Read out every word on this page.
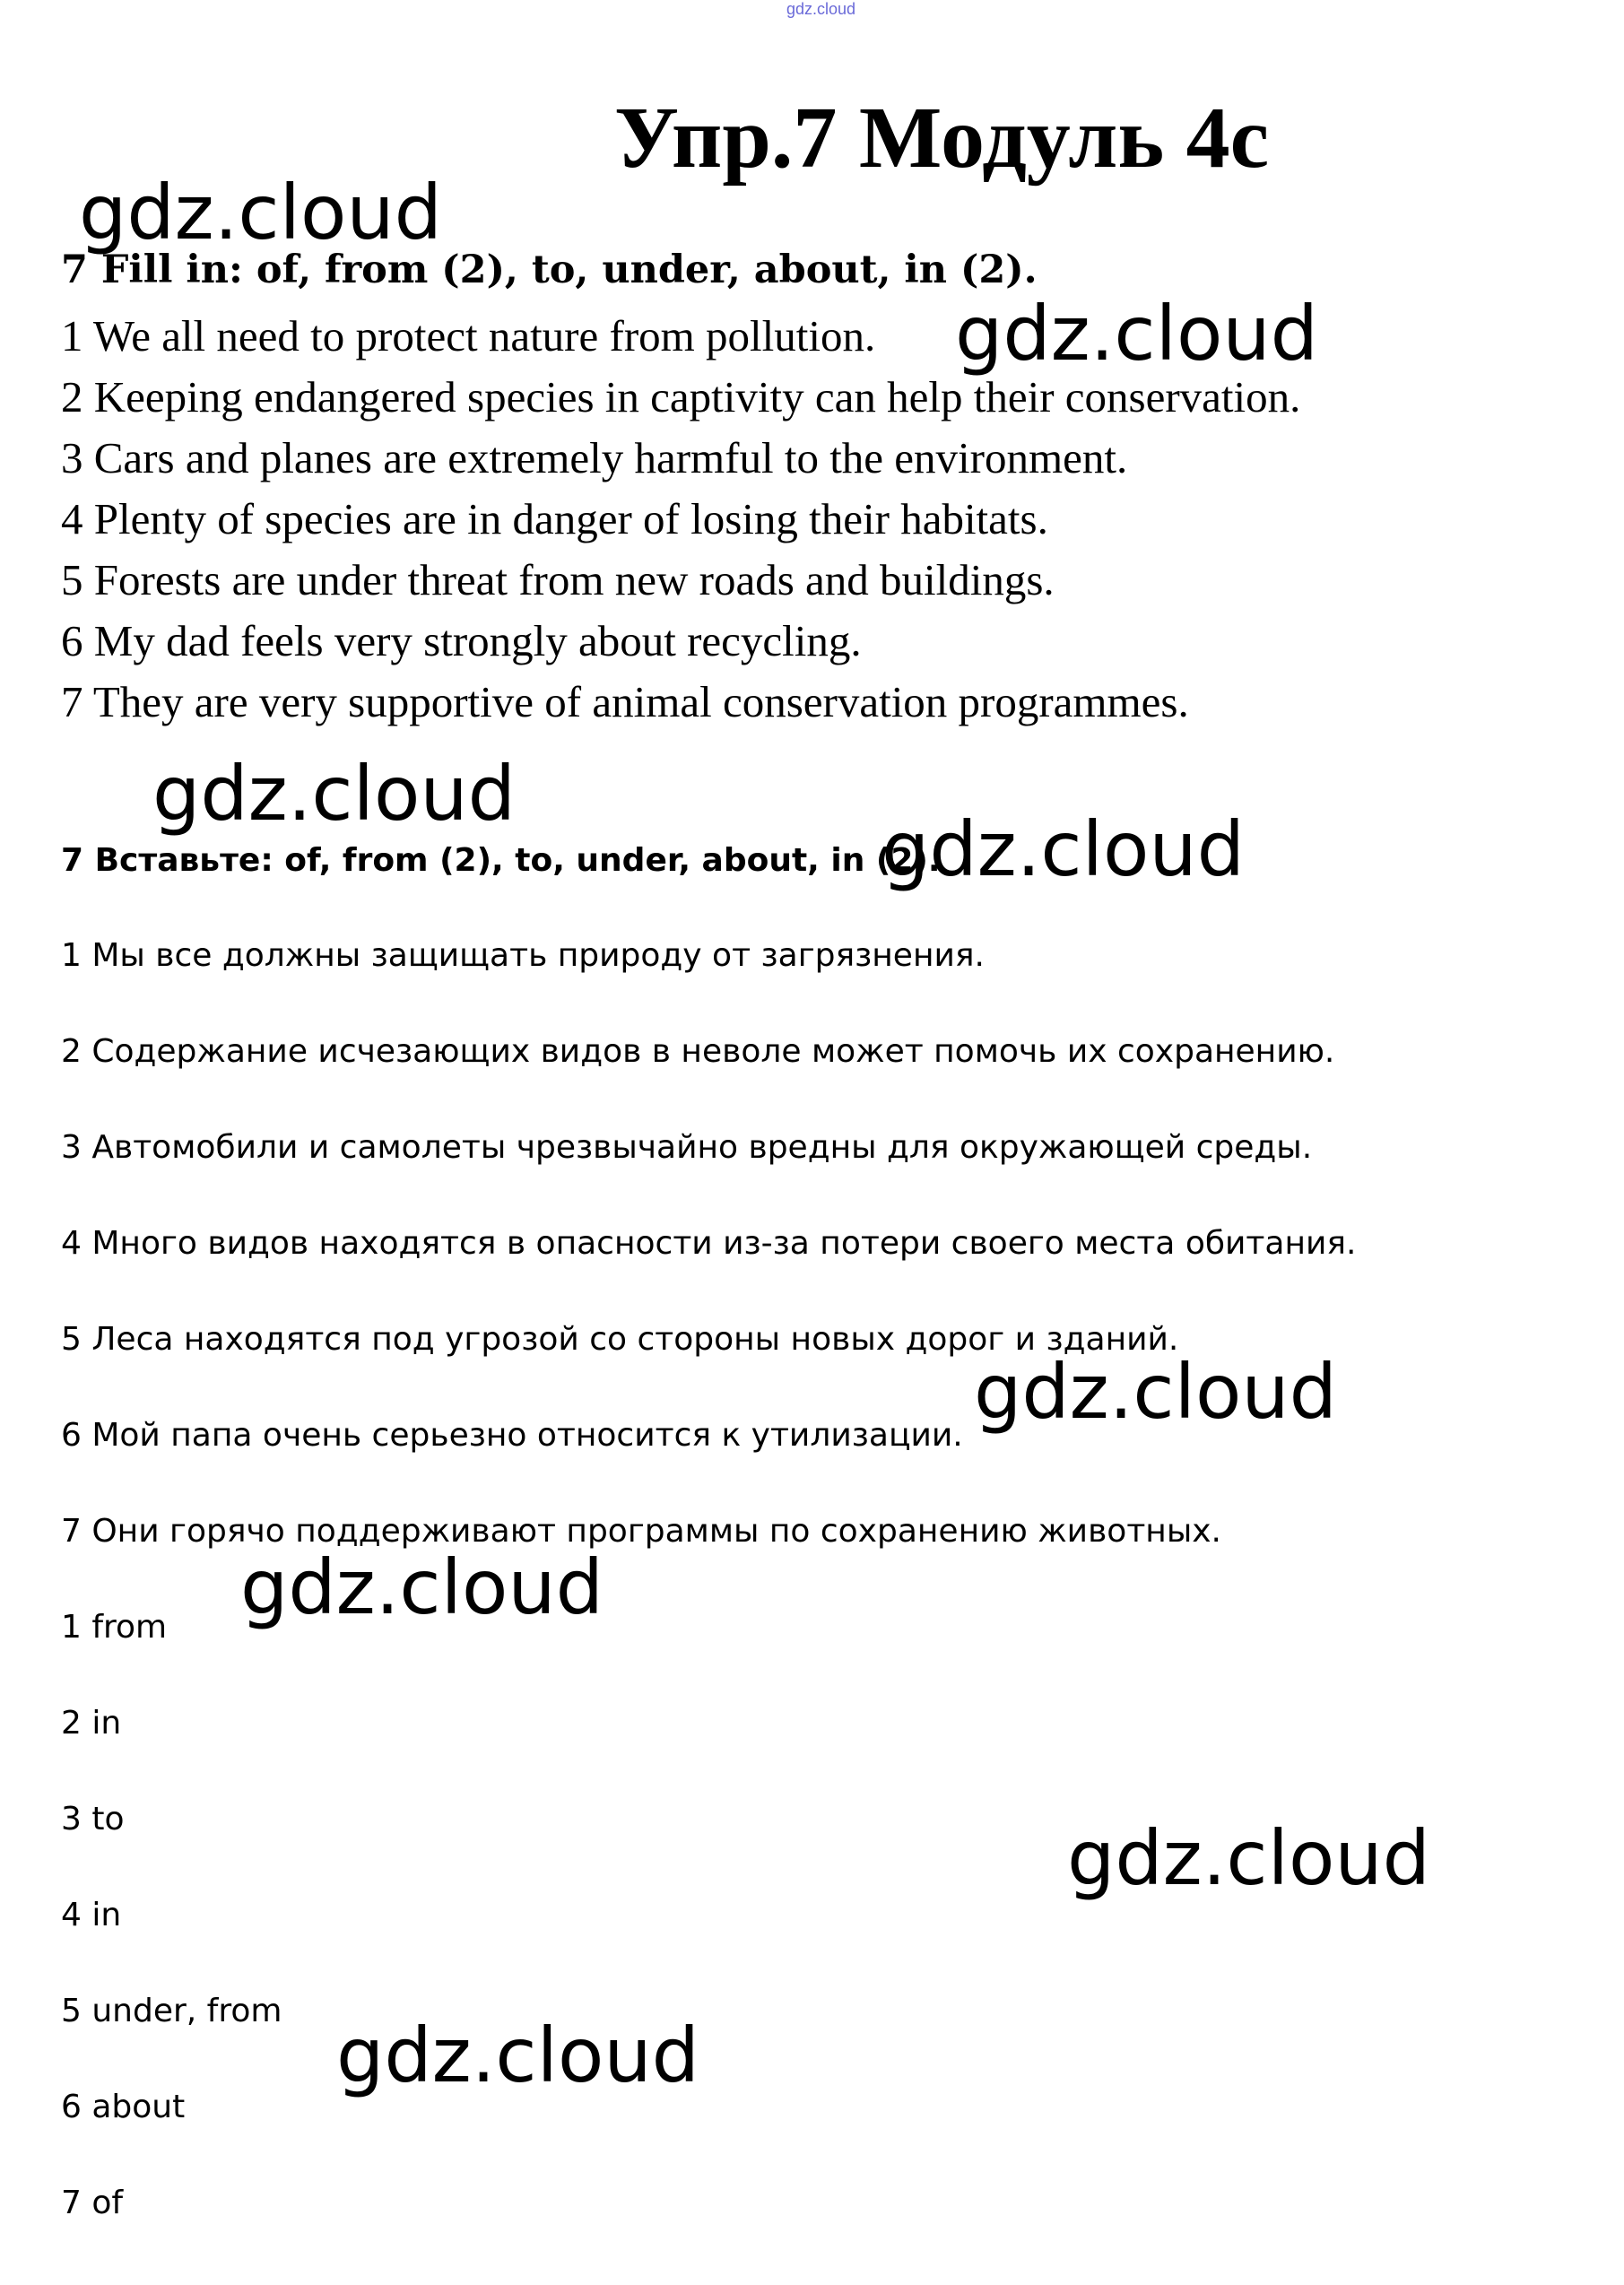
gdz.cloud
Упр.7 Модуль 4c
gdz.cloud
gdz.cloud
gdz.cloud
gdz.cloud
gdz.cloud
gdz.cloud
gdz.cloud
gdz.cloud
7 Fill in: of, from (2), to, under, about, in (2).
1 We all need to protect nature from pollution.
2 Keeping endangered species in captivity can help their conservation.
3 Cars and planes are extremely harmful to the environment.
4 Plenty of species are in danger of losing their habitats.
5 Forests are under threat from new roads and buildings.
6 My dad feels very strongly about recycling.
7 They are very supportive of animal conservation programmes.
7 Вставьте: of, from (2), to, under, about, in (2).
1 Мы все должны защищать природу от загрязнения.
2 Содержание исчезающих видов в неволе может помочь их сохранению.
3 Автомобили и самолеты чрезвычайно вредны для окружающей среды.
4 Много видов находятся в опасности из-за потери своего места обитания.
5 Леса находятся под угрозой со стороны новых дорог и зданий.
6 Мой папа очень серьезно относится к утилизации.
7 Они горячо поддерживают программы по сохранению животных.
1 from
2 in
3 to
4 in
5 under, from
6 about
7 of
